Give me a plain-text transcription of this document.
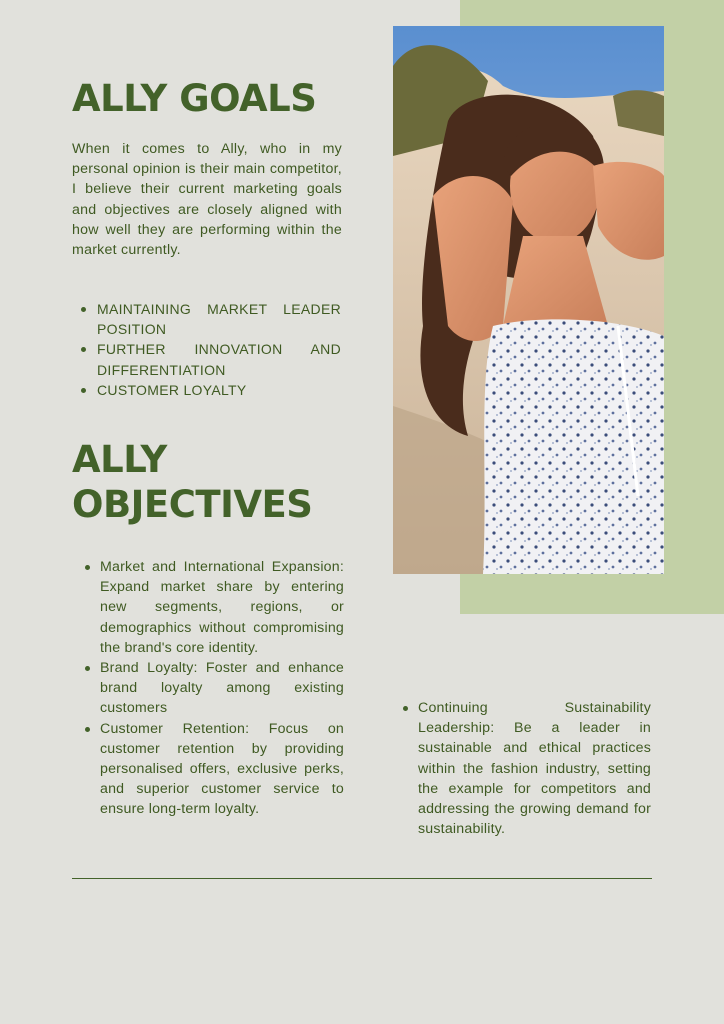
ALLY GOALS

When it comes to Ally, who in my personal opinion is their main competitor, I believe their current marketing goals and objectives are closely aligned with how well they are performing within the market currently.

MAINTAINING MARKET LEADER POSITION
FURTHER INNOVATION AND DIFFERENTIATION
CUSTOMER LOYALTY
ALLY OBJECTIVES
Market and International Expansion: Expand market share by entering new segments, regions, or demographics without compromising the brand's core identity.
Brand Loyalty: Foster and enhance brand loyalty among existing customers
Customer Retention: Focus on customer retention by providing personalised offers, exclusive perks, and superior customer service to ensure long-term loyalty.
Continuing Sustainability Leadership: Be a leader in sustainable and ethical practices within the fashion industry, setting the example for competitors and addressing the growing demand for sustainability.
